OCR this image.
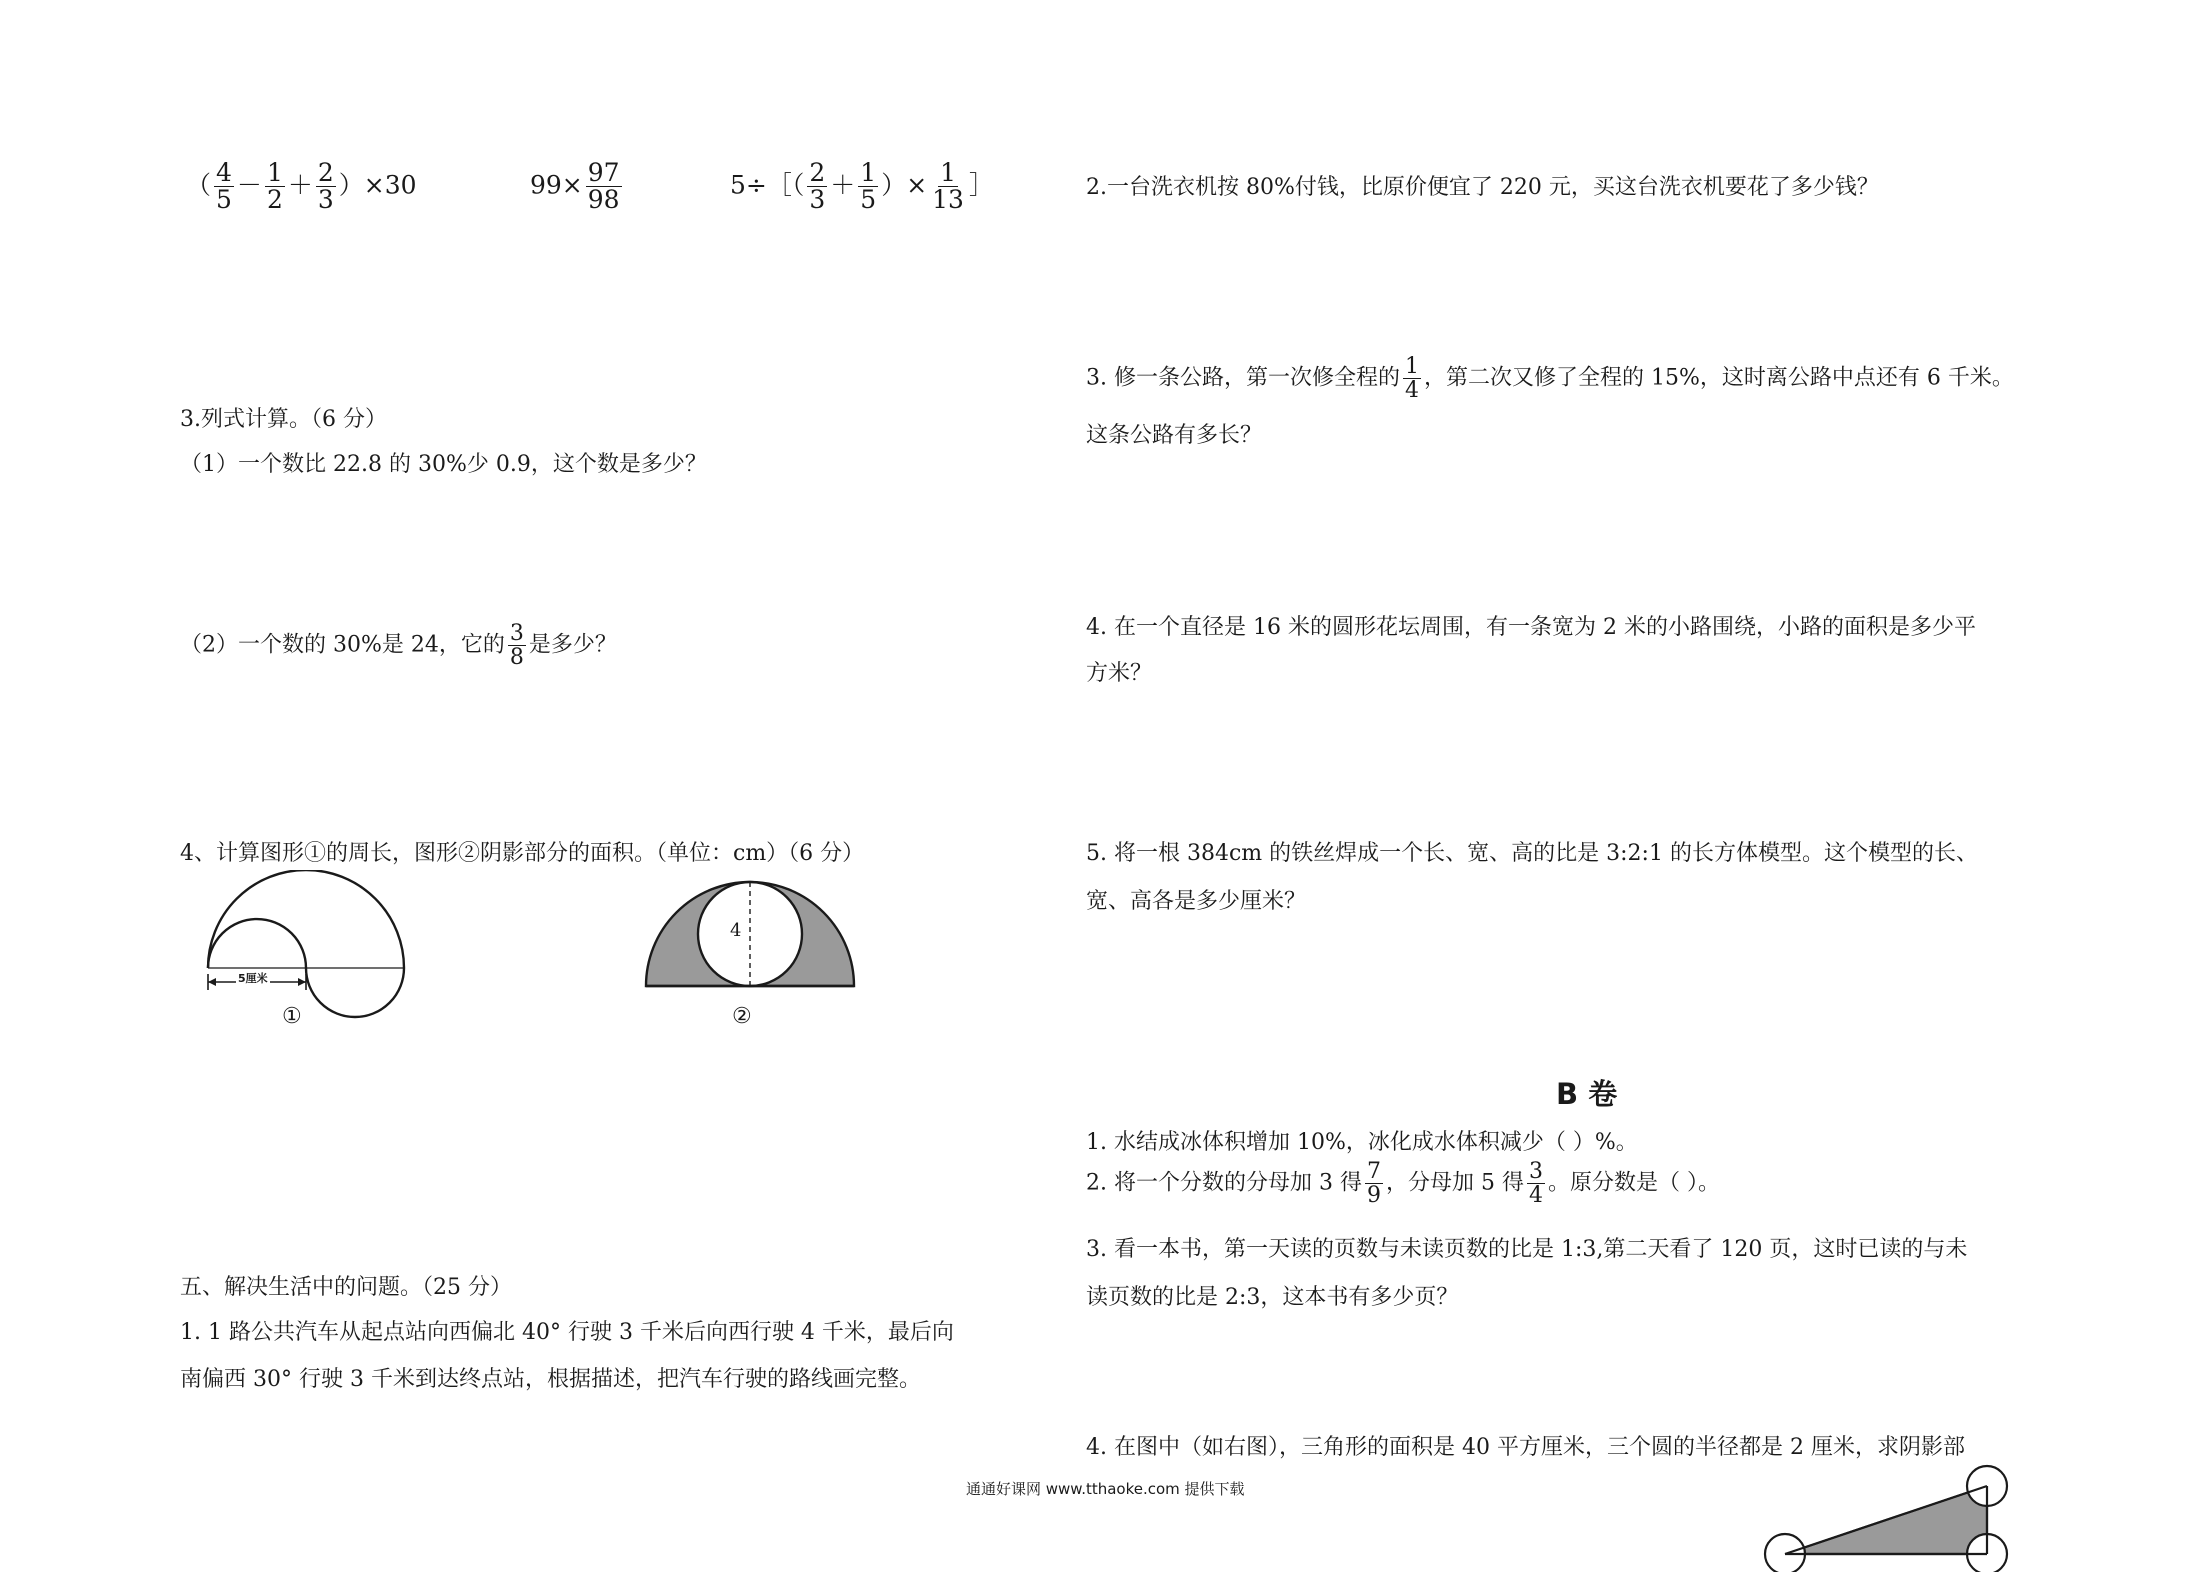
（ $\frac{4}{5} - \frac{1}{2} + \frac{2}{3} )\times 30$	$99\times \frac{97}{98}$	5÷［（ $\frac{2}{3} + \frac{1}{5}$ ）× $\frac{1}{13}$ ］
3.列式计算。（6 分）
（1）一个数比 22.8 的 30%少 0.9，这个数是多少？
（2）一个数的 30%是 24，它的 $\frac{3}{8}$ 是多少？
4、计算图形①的周长，图形②阴影部分的面积。（单位：cm）（6 分）
5厘米
①
4
②
五、解决生活中的问题。（25 分）
1. 1 路公共汽车从起点站向西偏北 40° 行驶 3 千米后向西行驶 4 千米，最后向
南偏西 30° 行驶 3 千米到达终点站，根据描述，把汽车行驶的路线画完整。
2.一台洗衣机按 80%付钱，比原价便宜了 220 元，买这台洗衣机要花了多少钱？
3. 修一条公路，第一次修全程的 $\frac{1}{4}$ ，第二次又修了全程的 15%，这时离公路中点还有 6 千米。
这条公路有多长？
4. 在一个直径是 16 米的圆形花坛周围，有一条宽为 2 米的小路围绕，小路的面积是多少平
方米？
5. 将一根 384cm 的铁丝焊成一个长、宽、高的比是 3:2:1 的长方体模型。这个模型的长、
宽、高各是多少厘米？
B 卷
1. 水结成冰体积增加 10%，冰化成水体积减少（ ）%。
2. 将一个分数的分母加 3 得 $\frac{7}{9}$ ，分母加 5 得 $\frac{3}{4}$ 。原分数是（ ）。
3. 看一本书，第一天读的页数与未读页数的比是 1:3,第二天看了 120 页，这时已读的与未
读页数的比是 2:3，这本书有多少页？
4. 在图中（如右图），三角形的面积是 40 平方厘米，三个圆的半径都是 2 厘米，求阴影部
通通好课网 www.tthaoke.com 提供下载
